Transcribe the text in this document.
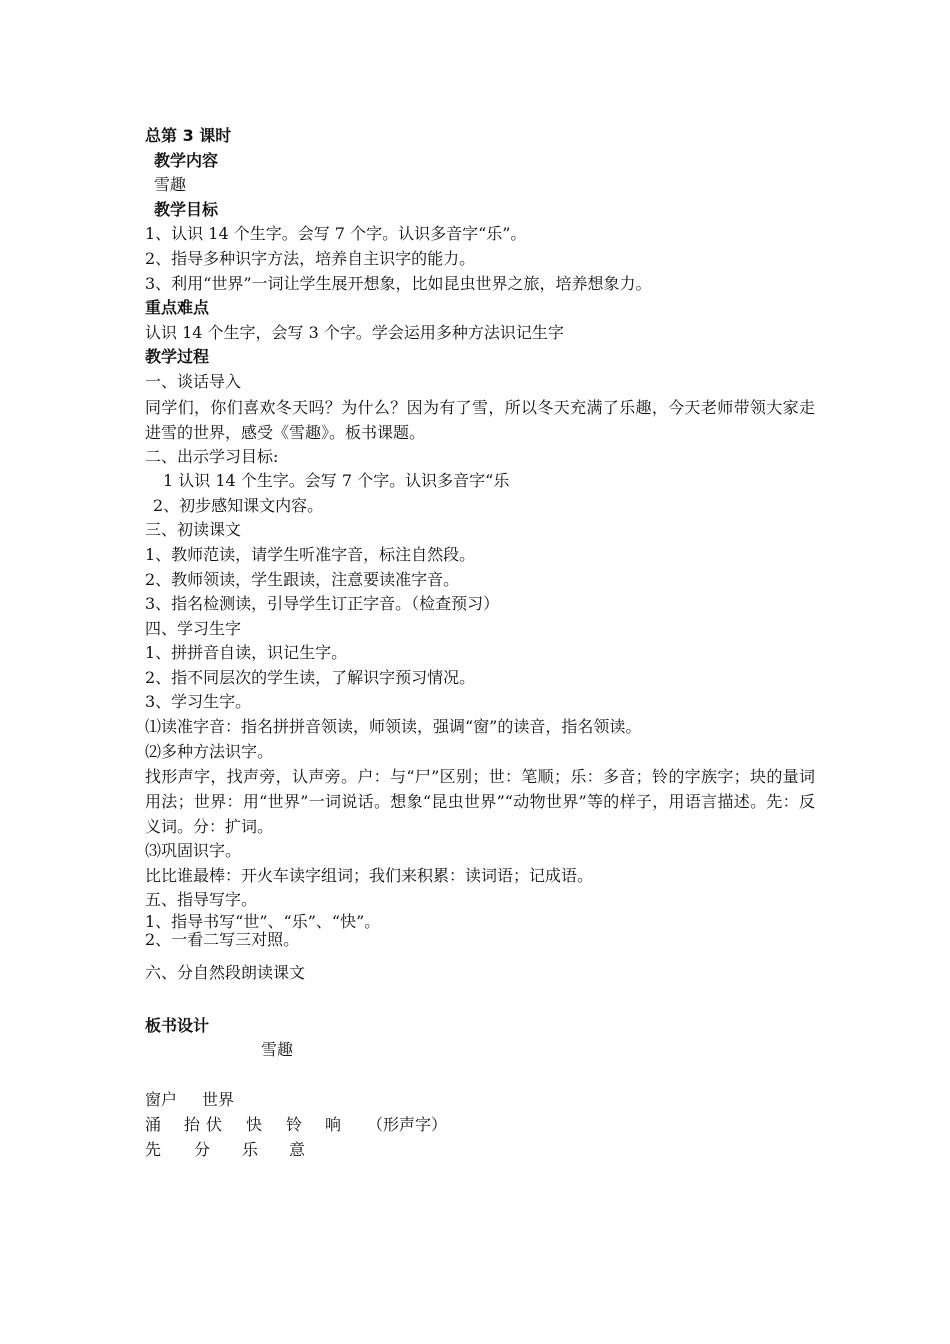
总第 3 课时

教学内容

雪趣

教学目标

1、认识 14 个生字。会写 7 个字。认识多音字“乐”。

2、指导多种识字方法，培养自主识字的能力。

3、利用“世界”一词让学生展开想象，比如昆虫世界之旅，培养想象力。

重点难点

认识 14 个生字，会写 3 个字。学会运用多种方法识记生字

教学过程

一、谈话导入

同学们，你们喜欢冬天吗？为什么？因为有了雪，所以冬天充满了乐趣，今天老师带领大家走进雪的世界，感受《雪趣》。板书课题。

二、出示学习目标:

1 认识 14 个生字。会写 7 个字。认识多音字“乐

2、初步感知课文内容。

三、初读课文

1、教师范读，请学生听准字音，标注自然段。

2、教师领读，学生跟读，注意要读准字音。

3、指名检测读，引导学生订正字音。（检查预习）

四、学习生字

1、拼拼音自读，识记生字。

2、指不同层次的学生读，了解识字预习情况。

3、学习生字。

⑴读准字音：指名拼拼音领读，师领读，强调“窗”的读音，指名领读。

⑵多种方法识字。

找形声字，找声旁，认声旁。户：与“尸”区别；世：笔顺；乐：多音；铃的字族字；块的量词用法；世界：用“世界”一词说话。想象“昆虫世界”“动物世界”等的样子，用语言描述。先：反义词。分：扩词。

⑶巩固识字。

比比谁最棒：开火车读字组词；我们来积累：读词语；记成语。

五、指导写字。

1、指导书写“世”、“乐”、“快”。

2、一看二写三对照。

六、分自然段朗读课文

板书设计

雪趣

窗户	世界
涌	抬 伏	快	铃	响	（形声字）
先	分	乐	意
